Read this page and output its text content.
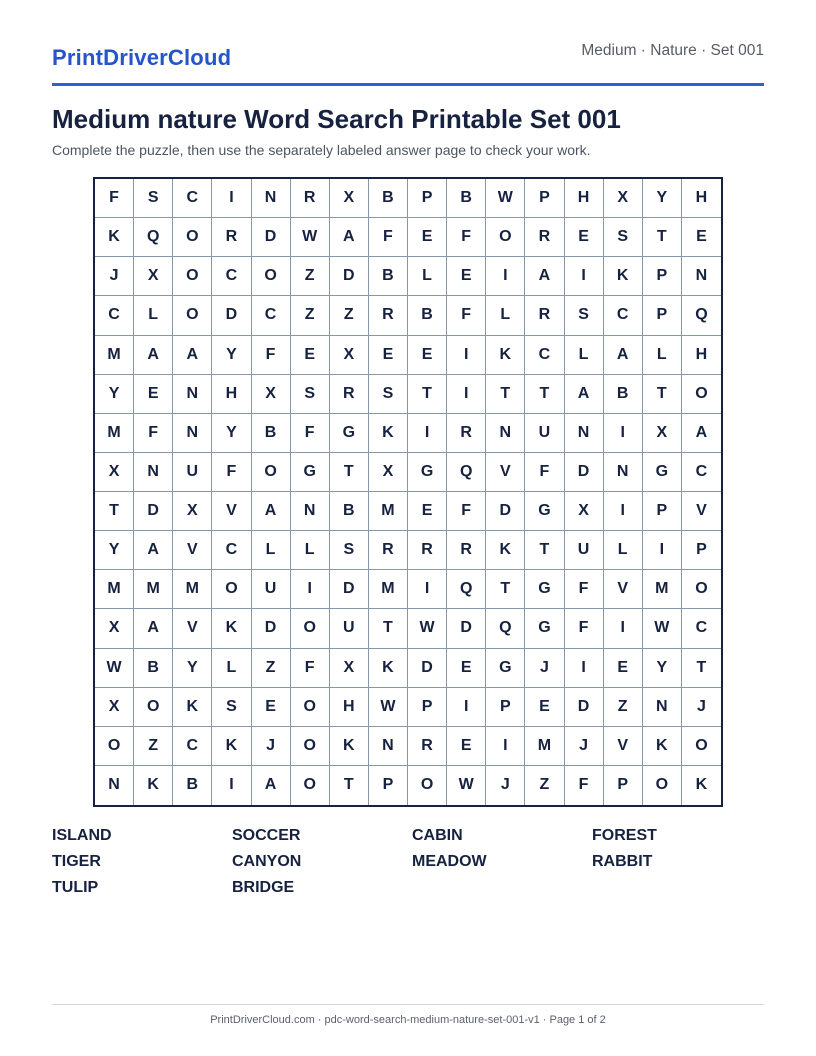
PrintDriverCloud	Medium · Nature · Set 001
Medium nature Word Search Printable Set 001
Complete the puzzle, then use the separately labeled answer page to check your work.
F	S	C	I	N	R	X	B	P	B	W	P	H	X	Y	H
K	Q	O	R	D	W	A	F	E	F	O	R	E	S	T	E
J	X	O	C	O	Z	D	B	L	E	I	A	I	K	P	N
C	L	O	D	C	Z	Z	R	B	F	L	R	S	C	P	Q
M	A	A	Y	F	E	X	E	E	I	K	C	L	A	L	H
Y	E	N	H	X	S	R	S	T	I	T	T	A	B	T	O
M	F	N	Y	B	F	G	K	I	R	N	U	N	I	X	A
X	N	U	F	O	G	T	X	G	Q	V	F	D	N	G	C
T	D	X	V	A	N	B	M	E	F	D	G	X	I	P	V
Y	A	V	C	L	L	S	R	R	R	K	T	U	L	I	P
M	M	M	O	U	I	D	M	I	Q	T	G	F	V	M	O
X	A	V	K	D	O	U	T	W	D	Q	G	F	I	W	C
W	B	Y	L	Z	F	X	K	D	E	G	J	I	E	Y	T
X	O	K	S	E	O	H	W	P	I	P	E	D	Z	N	J
O	Z	C	K	J	O	K	N	R	E	I	M	J	V	K	O
N	K	B	I	A	O	T	P	O	W	J	Z	F	P	O	K
ISLAND	SOCCER	CABIN	FOREST
TIGER	CANYON	MEADOW	RABBIT
TULIP	BRIDGE
PrintDriverCloud.com · pdc-word-search-medium-nature-set-001-v1 · Page 1 of 2
